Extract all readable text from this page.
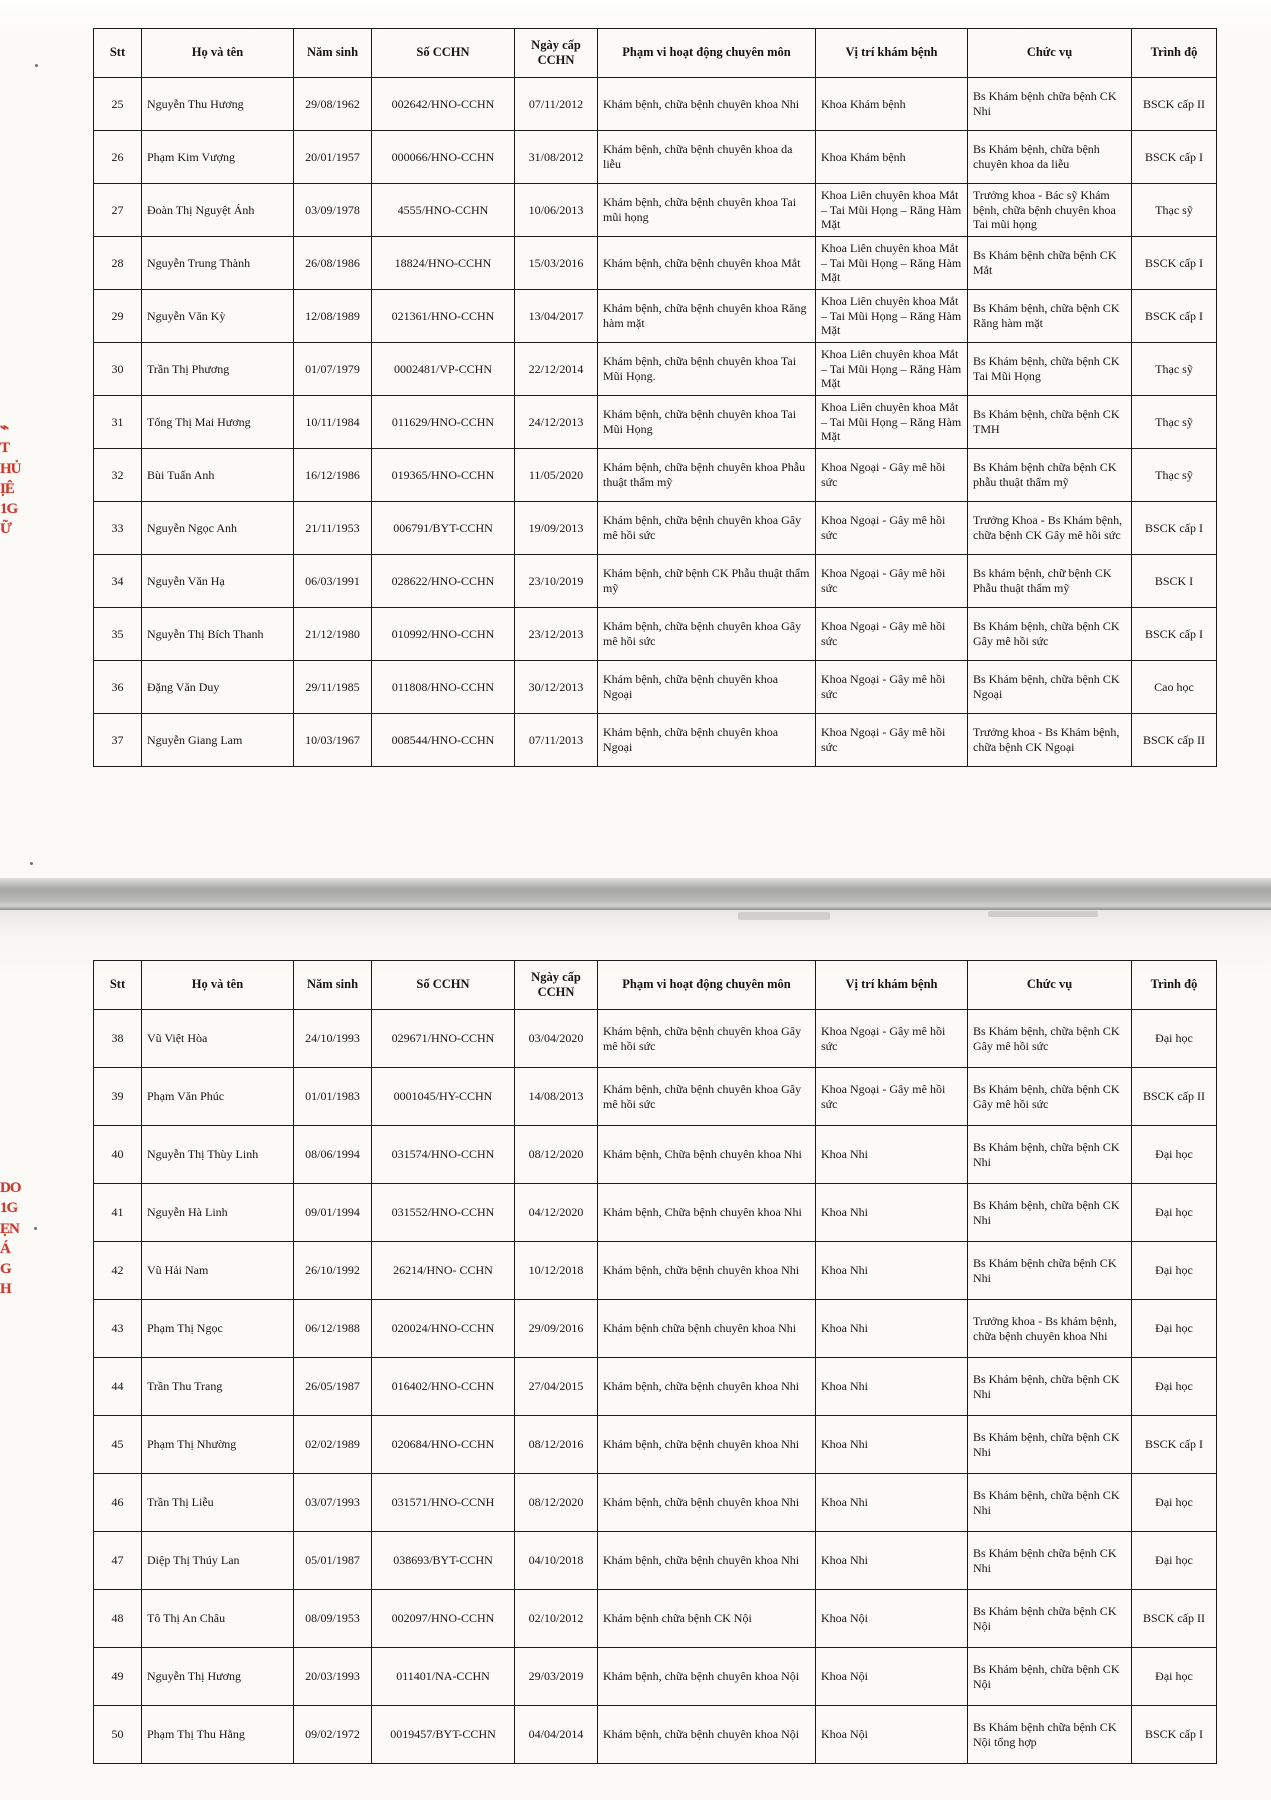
⌁
T
HỦ
ỊÊ
1G
Ữ
DO
1G
ẸN
Á
G
H
Stt	Họ và tên	Năm sinh	Số CCHN	Ngày cấp CCHN	Phạm vi hoạt động chuyên môn	Vị trí khám bệnh	Chức vụ	Trình độ
25	Nguyễn Thu Hương	29/08/1962	002642/HNO-CCHN	07/11/2012	Khám bệnh, chữa bệnh chuyên khoa Nhi	Khoa Khám bệnh	Bs Khám bệnh chữa bệnh CK Nhi	BSCK cấp II
26	Phạm Kim Vượng	20/01/1957	000066/HNO-CCHN	31/08/2012	Khám bệnh, chữa bệnh chuyên khoa da liễu	Khoa Khám bệnh	Bs Khám bệnh, chữa bệnh chuyên khoa da liễu	BSCK cấp I
27	Đoàn Thị Nguyệt Ánh	03/09/1978	4555/HNO-CCHN	10/06/2013	Khám bệnh, chữa bệnh chuyên khoa Tai mũi họng	Khoa Liên chuyên khoa Mắt – Tai Mũi Họng – Răng Hàm Mặt	Trưởng khoa - Bác sỹ Khám bệnh, chữa bệnh chuyên khoa Tai mũi họng	Thạc sỹ
28	Nguyễn Trung Thành	26/08/1986	18824/HNO-CCHN	15/03/2016	Khám bệnh, chữa bệnh chuyên khoa Mắt	Khoa Liên chuyên khoa Mắt – Tai Mũi Họng – Răng Hàm Mặt	Bs Khám bệnh chữa bệnh CK Mắt	BSCK cấp I
29	Nguyễn Văn Kỳ	12/08/1989	021361/HNO-CCHN	13/04/2017	Khám bệnh, chữa bệnh chuyên khoa Răng hàm mặt	Khoa Liên chuyên khoa Mắt – Tai Mũi Họng – Răng Hàm Mặt	Bs Khám bệnh, chữa bệnh CK Răng hàm mặt	BSCK cấp I
30	Trần Thị Phương	01/07/1979	0002481/VP-CCHN	22/12/2014	Khám bệnh, chữa bệnh chuyên khoa Tai Mũi Họng.	Khoa Liên chuyên khoa Mắt – Tai Mũi Họng – Răng Hàm Mặt	Bs Khám bệnh, chữa bệnh CK Tai Mũi Họng	Thạc sỹ
31	Tống Thị Mai Hương	10/11/1984	011629/HNO-CCHN	24/12/2013	Khám bệnh, chữa bệnh chuyên khoa Tai Mũi Họng	Khoa Liên chuyên khoa Mắt – Tai Mũi Họng – Răng Hàm Mặt	Bs Khám bệnh, chữa bệnh CK TMH	Thạc sỹ
32	Bùi Tuấn Anh	16/12/1986	019365/HNO-CCHN	11/05/2020	Khám bệnh, chữa bệnh chuyên khoa Phẫu thuật thẩm mỹ	Khoa Ngoại - Gây mê hồi sức	Bs Khám bệnh chữa bệnh CK phẫu thuật thẩm mỹ	Thạc sỹ
33	Nguyễn Ngọc Anh	21/11/1953	006791/BYT-CCHN	19/09/2013	Khám bệnh, chữa bệnh chuyên khoa Gây mê hồi sức	Khoa Ngoại - Gây mê hồi sức	Trưởng Khoa - Bs Khám bệnh, chữa bệnh CK Gây mê hồi sức	BSCK cấp I
34	Nguyễn Văn Hạ	06/03/1991	028622/HNO-CCHN	23/10/2019	Khám bệnh, chữ bệnh CK Phẫu thuật thẩm mỹ	Khoa Ngoại - Gây mê hồi sức	Bs khám bệnh, chữ bệnh CK Phẫu thuật thẩm mỹ	BSCK I
35	Nguyễn Thị Bích Thanh	21/12/1980	010992/HNO-CCHN	23/12/2013	Khám bệnh, chữa bệnh chuyên khoa Gây mê hồi sức	Khoa Ngoại - Gây mê hồi sức	Bs Khám bệnh, chữa bệnh CK Gây mê hồi sức	BSCK cấp I
36	Đặng Văn Duy	29/11/1985	011808/HNO-CCHN	30/12/2013	Khám bệnh, chữa bệnh chuyên khoa Ngoại	Khoa Ngoại - Gây mê hồi sức	Bs Khám bệnh, chữa bệnh CK Ngoại	Cao học
37	Nguyễn Giang Lam	10/03/1967	008544/HNO-CCHN	07/11/2013	Khám bệnh, chữa bệnh chuyên khoa Ngoại	Khoa Ngoại - Gây mê hồi sức	Trưởng khoa - Bs Khám bệnh, chữa bệnh CK Ngoại	BSCK cấp II
Stt	Họ và tên	Năm sinh	Số CCHN	Ngày cấp CCHN	Phạm vi hoạt động chuyên môn	Vị trí khám bệnh	Chức vụ	Trình độ
38	Vũ Việt Hòa	24/10/1993	029671/HNO-CCHN	03/04/2020	Khám bệnh, chữa bệnh chuyên khoa Gây mê hồi sức	Khoa Ngoại - Gây mê hồi sức	Bs Khám bệnh, chữa bệnh CK Gây mê hồi sức	Đại học
39	Phạm Văn Phúc	01/01/1983	0001045/HY-CCHN	14/08/2013	Khám bệnh, chữa bệnh chuyên khoa Gây mê hồi sức	Khoa Ngoại - Gây mê hồi sức	Bs Khám bệnh, chữa bệnh CK Gây mê hồi sức	BSCK cấp II
40	Nguyễn Thị Thùy Linh	08/06/1994	031574/HNO-CCHN	08/12/2020	Khám bệnh, Chữa bệnh chuyên khoa Nhi	Khoa Nhi	Bs Khám bệnh, chữa bệnh CK Nhi	Đại học
41	Nguyễn Hà Linh	09/01/1994	031552/HNO-CCHN	04/12/2020	Khám bệnh, Chữa bệnh chuyên khoa Nhi	Khoa Nhi	Bs Khám bệnh, chữa bệnh CK Nhi	Đại học
42	Vũ Hải Nam	26/10/1992	26214/HNO- CCHN	10/12/2018	Khám bệnh, chữa bệnh chuyên khoa Nhi	Khoa Nhi	Bs Khám bệnh chữa bệnh CK Nhi	Đại học
43	Phạm Thị Ngọc	06/12/1988	020024/HNO-CCHN	29/09/2016	Khám bệnh chữa bệnh chuyên khoa Nhi	Khoa Nhi	Trưởng khoa - Bs khám bệnh, chữa bệnh chuyên khoa Nhi	Đại học
44	Trần Thu Trang	26/05/1987	016402/HNO-CCHN	27/04/2015	Khám bệnh, chữa bệnh chuyên khoa Nhi	Khoa Nhi	Bs Khám bệnh, chữa bệnh CK Nhi	Đại học
45	Phạm Thị Nhường	02/02/1989	020684/HNO-CCHN	08/12/2016	Khám bệnh, chữa bệnh chuyên khoa Nhi	Khoa Nhi	Bs Khám bệnh, chữa bệnh CK Nhi	BSCK cấp I
46	Trần Thị Liễu	03/07/1993	031571/HNO-CCNH	08/12/2020	Khám bệnh, chữa bệnh chuyên khoa Nhi	Khoa Nhi	Bs Khám bệnh, chữa bệnh CK Nhi	Đại học
47	Diệp Thị Thúy Lan	05/01/1987	038693/BYT-CCHN	04/10/2018	Khám bệnh, chữa bệnh chuyên khoa Nhi	Khoa Nhi	Bs Khám bệnh chữa bệnh CK Nhi	Đại học
48	Tô Thị An Châu	08/09/1953	002097/HNO-CCHN	02/10/2012	Khám bệnh chữa bệnh CK Nội	Khoa Nội	Bs Khám bệnh chữa bệnh CK Nội	BSCK cấp II
49	Nguyễn Thị Hương	20/03/1993	011401/NA-CCHN	29/03/2019	Khám bệnh, chữa bệnh chuyên khoa Nội	Khoa Nội	Bs Khám bệnh, chữa bệnh CK Nội	Đại học
50	Phạm Thị Thu Hằng	09/02/1972	0019457/BYT-CCHN	04/04/2014	Khám bệnh, chữa bệnh chuyên khoa Nội	Khoa Nội	Bs Khám bệnh chữa bệnh CK Nội tổng hợp	BSCK cấp I
